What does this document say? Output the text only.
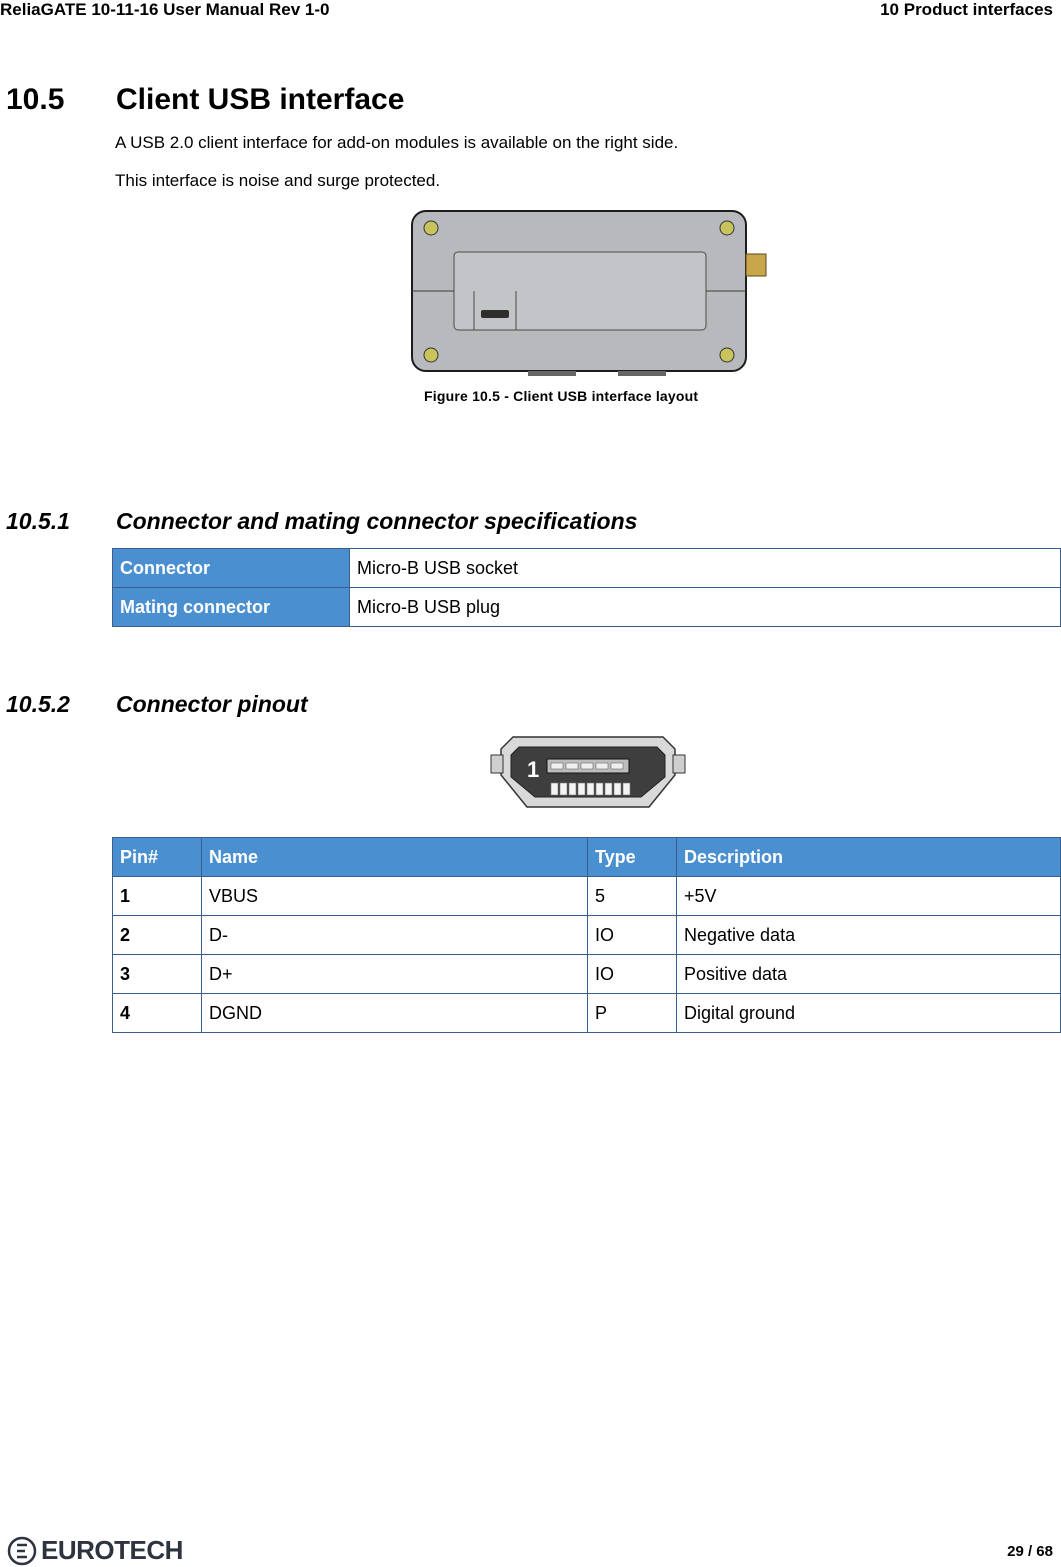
ReliaGATE 10-11-16 User Manual Rev 1-0	10 Product interfaces
10.5 Client USB interface
A USB 2.0 client interface for add-on modules is available on the right side.
This interface is noise and surge protected.
Figure 10.5 - Client USB interface layout
10.5.1 Connector and mating connector specifications
Connector	Micro-B USB socket
Mating connector	Micro-B USB plug
10.5.2 Connector pinout
1
Pin#	Name	Type	Description
1	VBUS	5	+5V
2	D-	IO	Negative data
3	D+	IO	Positive data
4	DGND	P	Digital ground
EUROTECH	29 / 68
